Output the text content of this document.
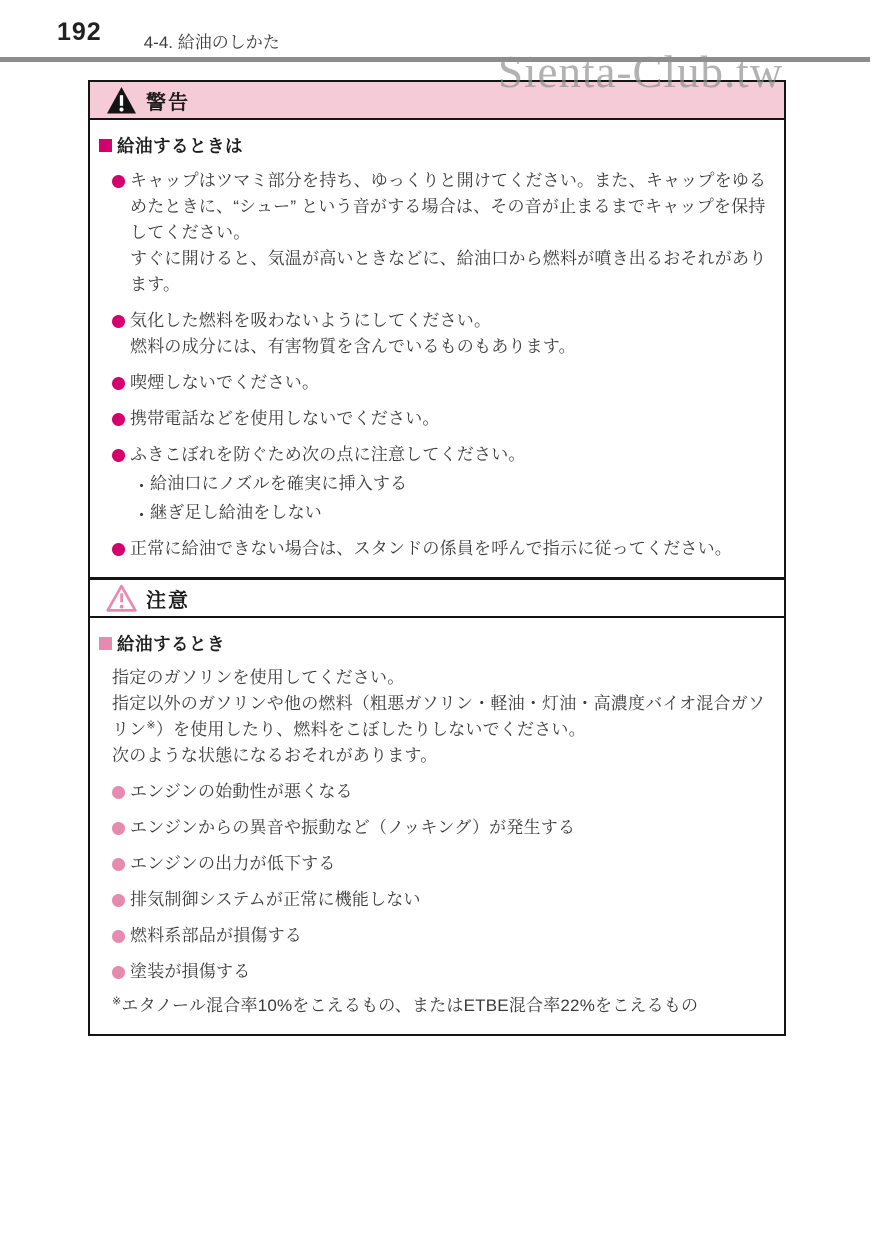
192 4-4. 給油のしかた
Sienta-Club.tw
警告
給油するときは
キャップはツマミ部分を持ち、ゆっくりと開けてください。また、キャップをゆるめたときに、“シュー” という音がする場合は、その音が止まるまでキャップを保持してください。
すぐに開けると、気温が高いときなどに、給油口から燃料が噴き出るおそれがあります。
気化した燃料を吸わないようにしてください。
燃料の成分には、有害物質を含んでいるものもあります。
喫煙しないでください。
携帯電話などを使用しないでください。
ふきこぼれを防ぐため次の点に注意してください。
・ 給油口にノズルを確実に挿入する
・ 継ぎ足し給油をしない
正常に給油できない場合は、スタンドの係員を呼んで指示に従ってください。
注意
給油するとき
指定のガソリンを使用してください。
指定以外のガソリンや他の燃料（粗悪ガソリン・軽油・灯油・高濃度バイオ混合ガソリン※）を使用したり、燃料をこぼしたりしないでください。
次のような状態になるおそれがあります。
エンジンの始動性が悪くなる
エンジンからの異音や振動など（ノッキング）が発生する
エンジンの出力が低下する
排気制御システムが正常に機能しない
燃料系部品が損傷する
塗装が損傷する
※エタノール混合率10%をこえるもの、またはETBE混合率22%をこえるもの
